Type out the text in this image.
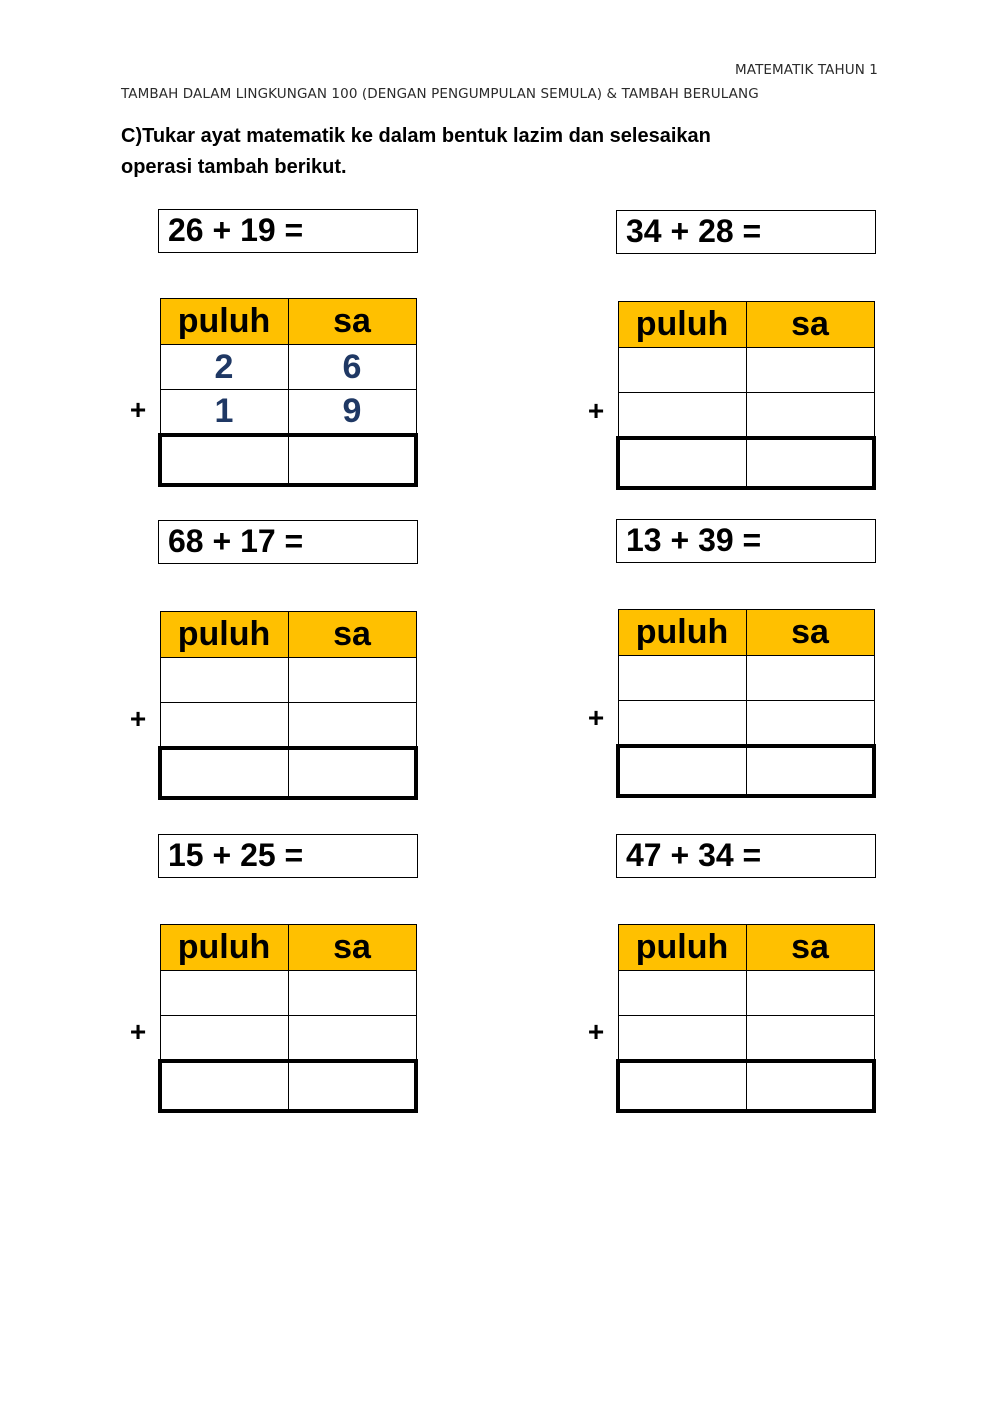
MATEMATIK TAHUN 1
TAMBAH DALAM LINGKUNGAN 100 (DENGAN PENGUMPULAN SEMULA) & TAMBAH BERULANG
C)Tukar ayat matematik ke dalam bentuk lazim dan selesaikan
operasi tambah berikut.
26 + 19 =
puluh	sa
2	6
1	9

+
34 + 28 =
puluh	sa

+
68 + 17 =
puluh	sa

+
13 + 39 =
puluh	sa

+
15 + 25 =
puluh	sa

+
47 + 34 =
puluh	sa

+
